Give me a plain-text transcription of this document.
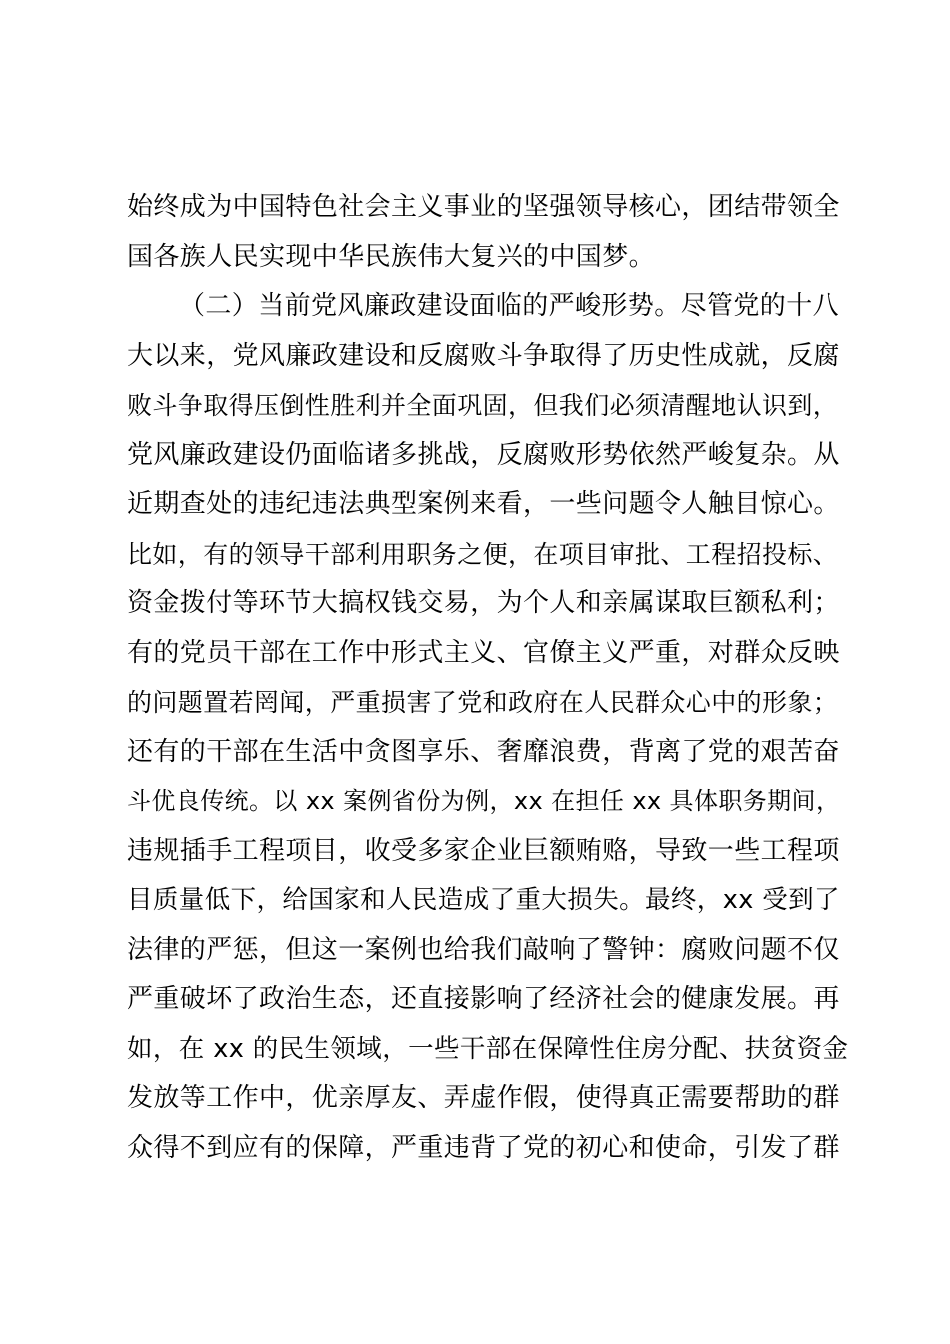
始终成为中国特色社会主义事业的坚强领导核心，团结带领全
国各族人民实现中华民族伟大复兴的中国梦。
（二）当前党风廉政建设面临的严峻形势。尽管党的十八
大以来，党风廉政建设和反腐败斗争取得了历史性成就，反腐
败斗争取得压倒性胜利并全面巩固，但我们必须清醒地认识到，
党风廉政建设仍面临诸多挑战，反腐败形势依然严峻复杂。从
近期查处的违纪违法典型案例来看，一些问题令人触目惊心。
比如，有的领导干部利用职务之便，在项目审批、工程招投标、
资金拨付等环节大搞权钱交易，为个人和亲属谋取巨额私利；
有的党员干部在工作中形式主义、官僚主义严重，对群众反映
的问题置若罔闻，严重损害了党和政府在人民群众心中的形象；
还有的干部在生活中贪图享乐、奢靡浪费，背离了党的艰苦奋
斗优良传统。以 xx 案例省份为例，xx 在担任 xx 具体职务期间，
违规插手工程项目，收受多家企业巨额贿赂，导致一些工程项
目质量低下，给国家和人民造成了重大损失。最终，xx 受到了
法律的严惩，但这一案例也给我们敲响了警钟：腐败问题不仅
严重破坏了政治生态，还直接影响了经济社会的健康发展。再
如，在 xx 的民生领域，一些干部在保障性住房分配、扶贫资金
发放等工作中，优亲厚友、弄虚作假，使得真正需要帮助的群
众得不到应有的保障，严重违背了党的初心和使命，引发了群
